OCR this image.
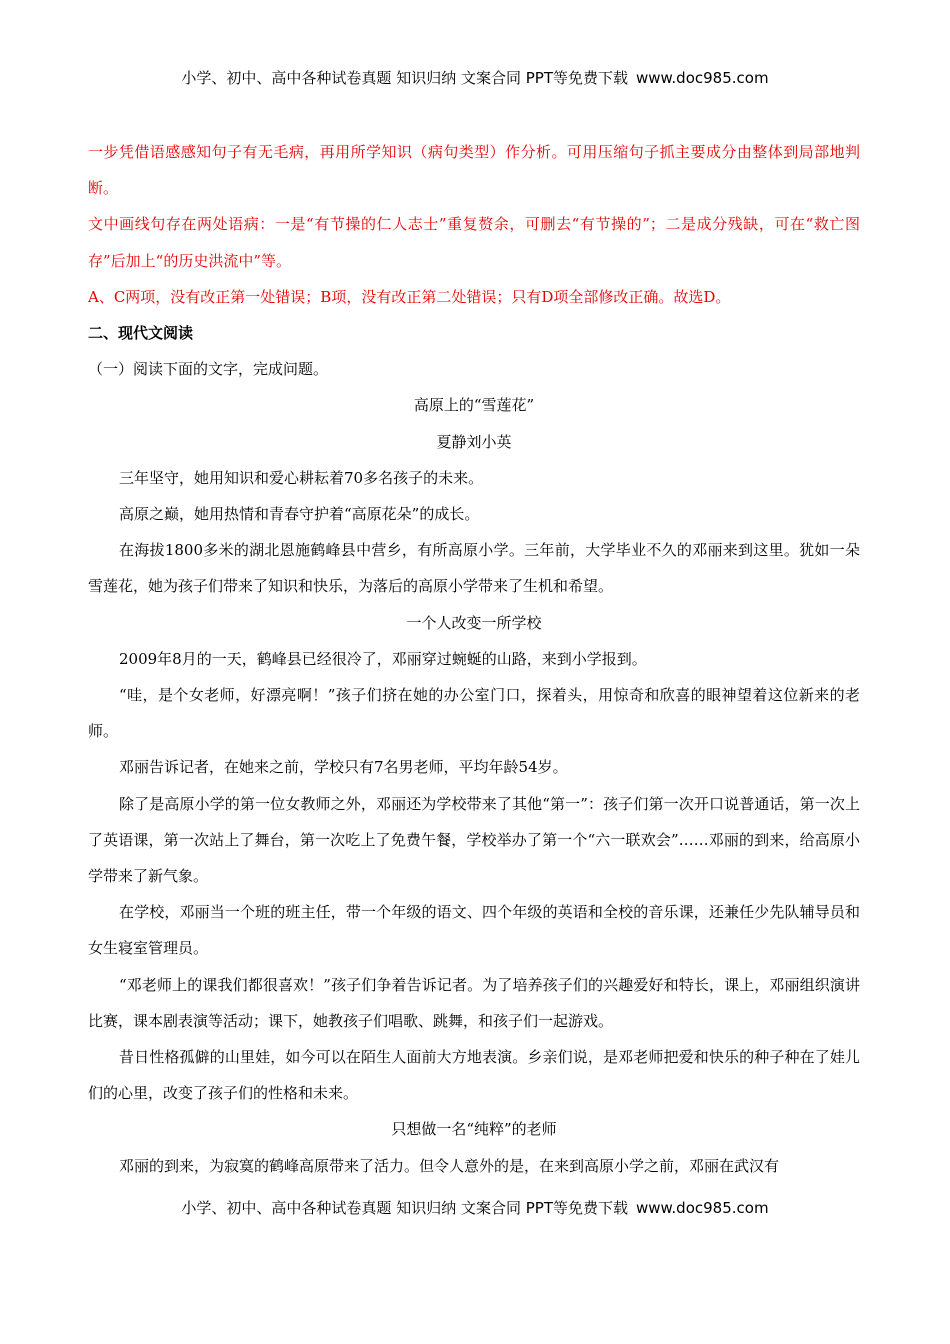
小学、初中、高中各种试卷真题 知识归纳 文案合同 PPT等免费下载 www.doc985.com

一步凭借语感感知句子有无毛病，再用所学知识（病句类型）作分析。可用压缩句子抓主要成分由整体到局部地判断。

文中画线句存在两处语病：一是“有节操的仁人志士”重复赘余，可删去“有节操的”；二是成分残缺，可在“救亡图存”后加上“的历史洪流中”等。

A、C两项，没有改正第一处错误；B项，没有改正第二处错误；只有D项全部修改正确。故选D。

二、现代文阅读

（一）阅读下面的文字，完成问题。

高原上的“雪莲花”

夏静刘小英

三年坚守，她用知识和爱心耕耘着70多名孩子的未来。

高原之巅，她用热情和青春守护着“高原花朵”的成长。

在海拔1800多米的湖北恩施鹤峰县中营乡，有所高原小学。三年前，大学毕业不久的邓丽来到这里。犹如一朵雪莲花，她为孩子们带来了知识和快乐，为落后的高原小学带来了生机和希望。

一个人改变一所学校

2009年8月的一天，鹤峰县已经很冷了，邓丽穿过蜿蜒的山路，来到小学报到。

“哇，是个女老师，好漂亮啊！”孩子们挤在她的办公室门口，探着头，用惊奇和欣喜的眼神望着这位新来的老师。

邓丽告诉记者，在她来之前，学校只有7名男老师，平均年龄54岁。

除了是高原小学的第一位女教师之外，邓丽还为学校带来了其他“第一”：孩子们第一次开口说普通话，第一次上了英语课，第一次站上了舞台，第一次吃上了免费午餐，学校举办了第一个“六一联欢会”……邓丽的到来，给高原小学带来了新气象。

在学校，邓丽当一个班的班主任，带一个年级的语文、四个年级的英语和全校的音乐课，还兼任少先队辅导员和女生寝室管理员。

“邓老师上的课我们都很喜欢！”孩子们争着告诉记者。为了培养孩子们的兴趣爱好和特长，课上，邓丽组织演讲比赛，课本剧表演等活动；课下，她教孩子们唱歌、跳舞，和孩子们一起游戏。

昔日性格孤僻的山里娃，如今可以在陌生人面前大方地表演。乡亲们说，是邓老师把爱和快乐的种子种在了娃儿们的心里，改变了孩子们的性格和未来。

只想做一名“纯粹”的老师

邓丽的到来，为寂寞的鹤峰高原带来了活力。但令人意外的是，在来到高原小学之前，邓丽在武汉有

小学、初中、高中各种试卷真题 知识归纳 文案合同 PPT等免费下载 www.doc985.com
